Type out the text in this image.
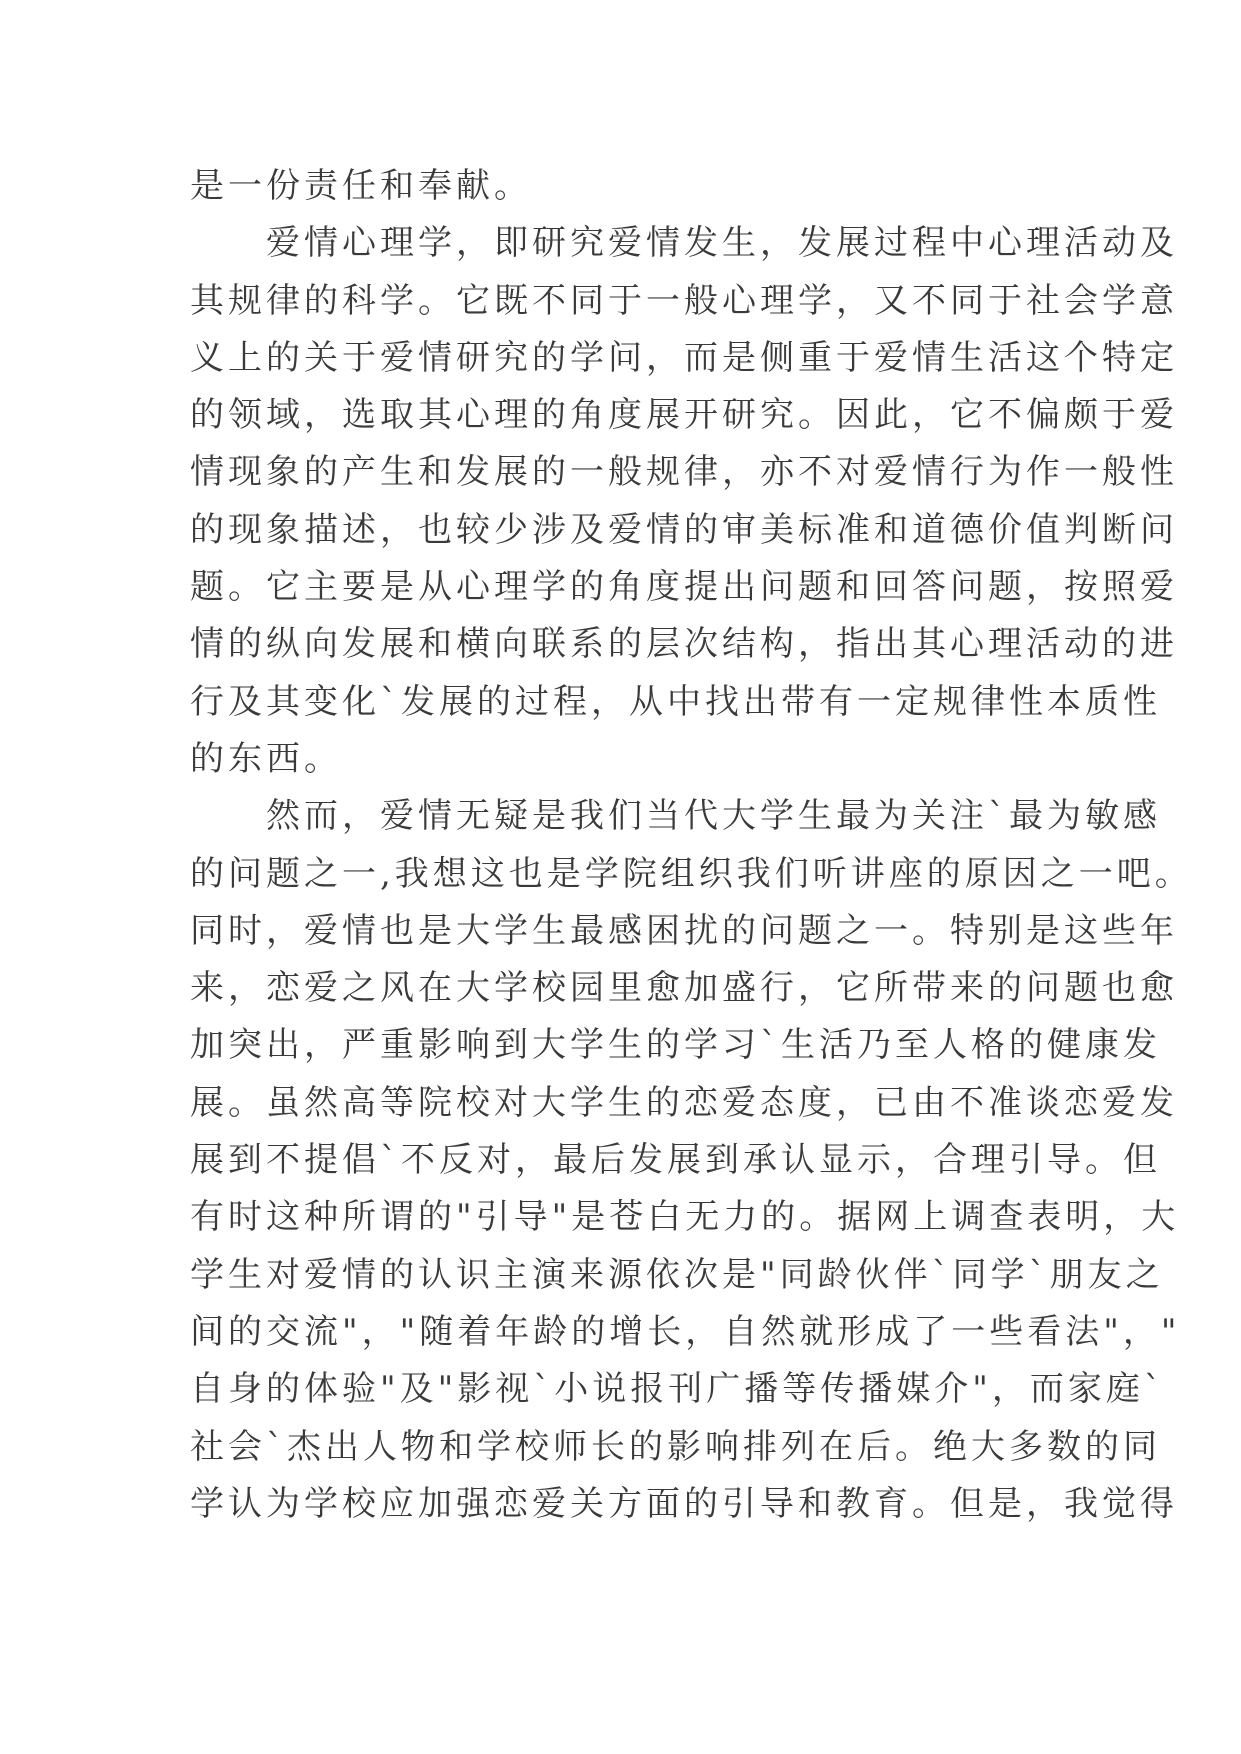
是一份责任和奉献。
　　爱情心理学，即研究爱情发生，发展过程中心理活动及
其规律的科学。它既不同于一般心理学，又不同于社会学意
义上的关于爱情研究的学问，而是侧重于爱情生活这个特定
的领域，选取其心理的角度展开研究。因此，它不偏颇于爱
情现象的产生和发展的一般规律，亦不对爱情行为作一般性
的现象描述，也较少涉及爱情的审美标准和道德价值判断问
题。它主要是从心理学的角度提出问题和回答问题，按照爱
情的纵向发展和横向联系的层次结构，指出其心理活动的进
行及其变化`发展的过程，从中找出带有一定规律性本质性
的东西。
　　然而，爱情无疑是我们当代大学生最为关注`最为敏感
的问题之一,我想这也是学院组织我们听讲座的原因之一吧。
同时，爱情也是大学生最感困扰的问题之一。特别是这些年
来，恋爱之风在大学校园里愈加盛行，它所带来的问题也愈
加突出，严重影响到大学生的学习`生活乃至人格的健康发
展。虽然高等院校对大学生的恋爱态度，已由不准谈恋爱发
展到不提倡`不反对，最后发展到承认显示，合理引导。但
有时这种所谓的"引导"是苍白无力的。据网上调查表明，大
学生对爱情的认识主演来源依次是"同龄伙伴`同学`朋友之
间的交流"，"随着年龄的增长，自然就形成了一些看法"，"
自身的体验"及"影视`小说报刊广播等传播媒介"，而家庭`
社会`杰出人物和学校师长的影响排列在后。绝大多数的同
学认为学校应加强恋爱关方面的引导和教育。但是，我觉得
